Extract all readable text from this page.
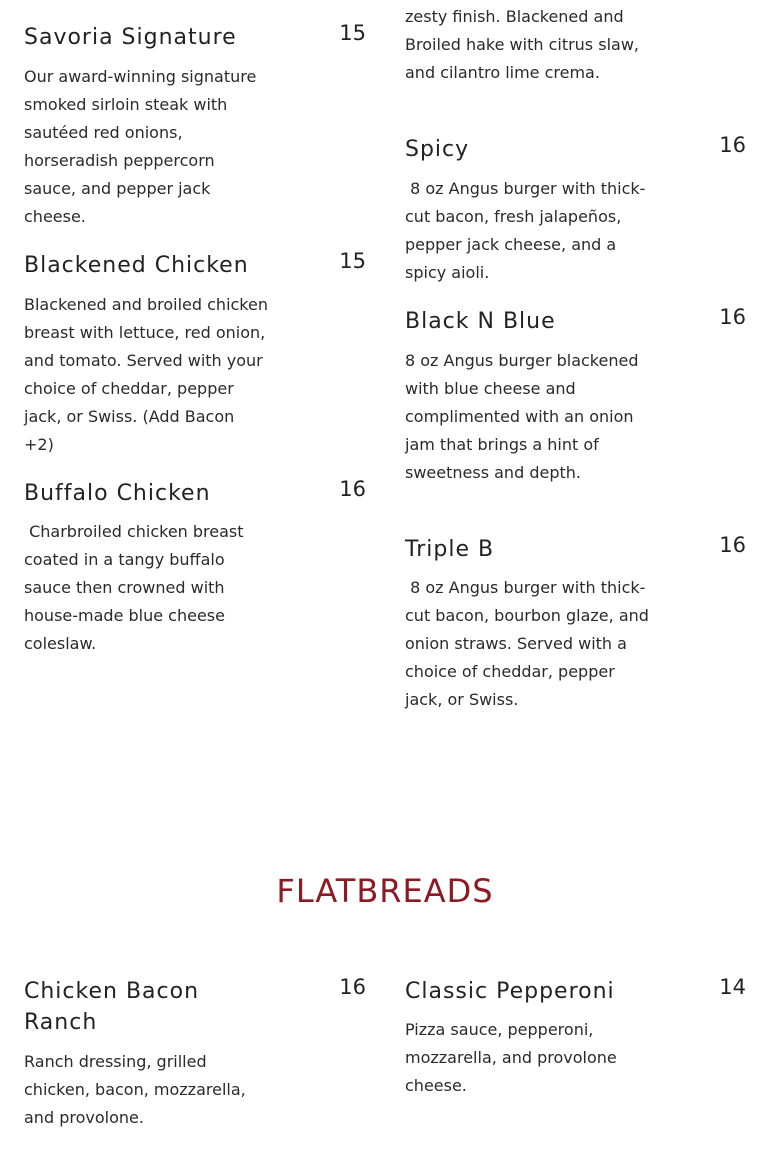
zesty finish. Blackened and Broiled hake with citrus slaw, and cilantro lime crema.

Savoria Signature	15

Our award-winning signature smoked sirloin steak with sautéed red onions, horseradish peppercorn sauce, and pepper jack cheese.

Blackened Chicken	15

Blackened and broiled chicken breast with lettuce, red onion, and tomato. Served with your choice of cheddar, pepper jack, or Swiss. (Add Bacon +2)

Buffalo Chicken	16

Charbroiled chicken breast coated in a tangy buffalo sauce then crowned with house-made blue cheese coleslaw.

Spicy	16

8 oz Angus burger with thick-cut bacon, fresh jalapeños, pepper jack cheese, and a spicy aioli.

Black N Blue	16

8 oz Angus burger blackened with blue cheese and complimented with an onion jam that brings a hint of sweetness and depth.

Triple B	16

8 oz Angus burger with thick-cut bacon, bourbon glaze, and onion straws. Served with a choice of cheddar, pepper jack, or Swiss.

FLATBREADS
Chicken Bacon Ranch
16

Ranch dressing, grilled chicken, bacon, mozzarella, and provolone.

Classic Pepperoni	14

Pizza sauce, pepperoni, mozzarella, and provolone cheese.
